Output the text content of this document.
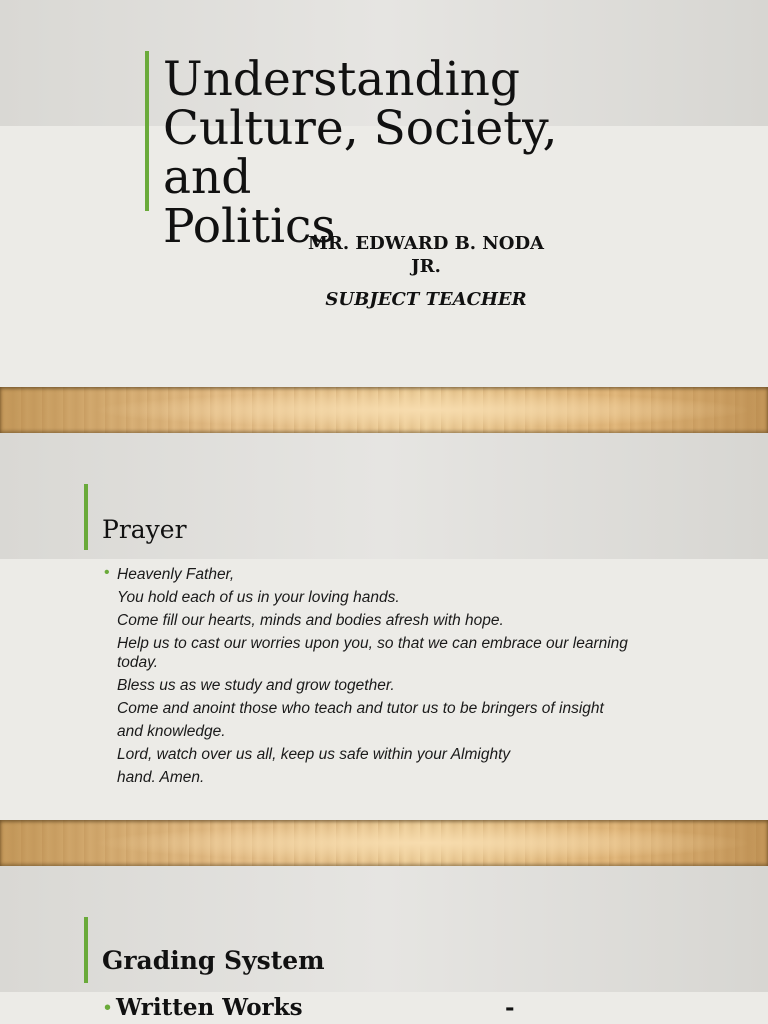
Understanding
Culture, Society,
and
Politics
MR. EDWARD B. NODA
JR.
SUBJECT TEACHER
Prayer
• Heavenly Father,
You hold each of us in your loving hands.
Come fill our hearts, minds and bodies afresh with hope.
Help us to cast our worries upon you, so that we can embrace our learning
today.
Bless us as we study and grow together.
Come and anoint those who teach and tutor us to be bringers of insight
and knowledge.
Lord, watch over us all, keep us safe within your Almighty
hand. Amen.
Grading System
• Written Works	-
